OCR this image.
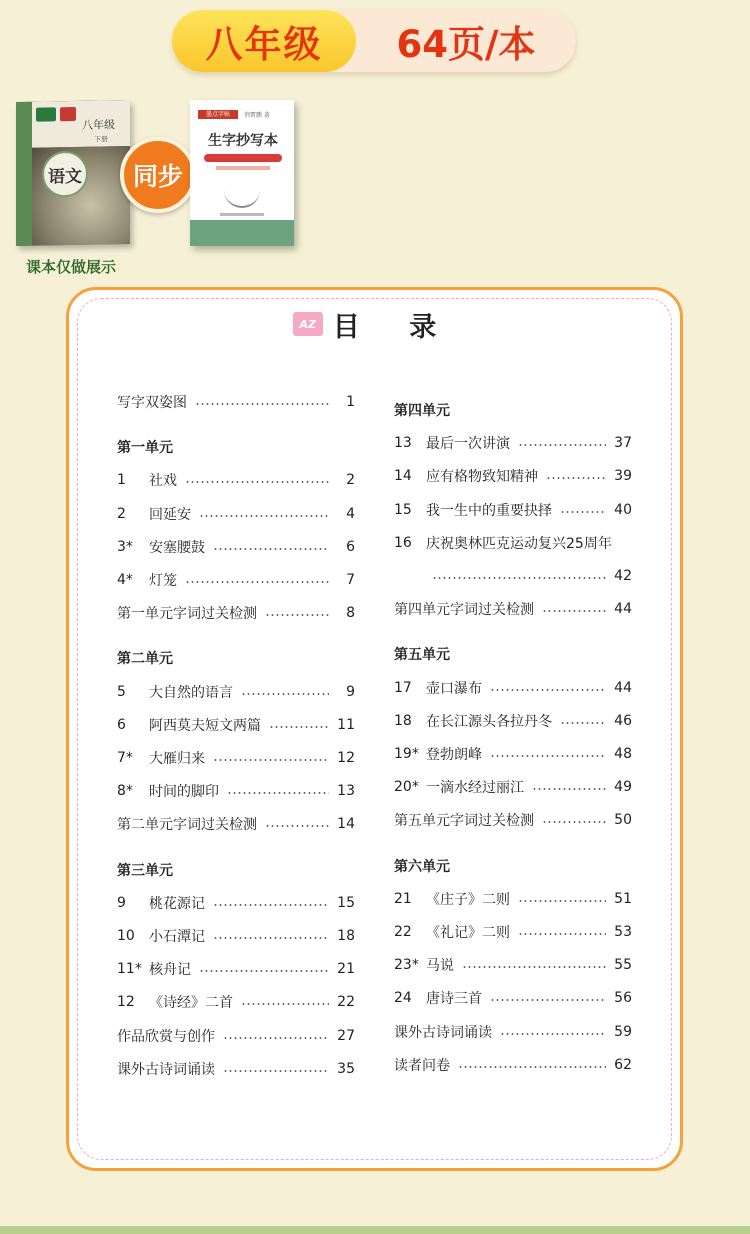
八年级	64页/本
八年级
下册
语文	同步
墨点字帖	荆霄鹏 著
生字抄写本
课本仅做展示
AZ 目 录
写字双姿图	1
第一单元
1	社戏	2
2	回延安	4
3*	安塞腰鼓	6
4*	灯笼	7
第一单元字词过关检测	8
第二单元
5	大自然的语言	9
6	阿西莫夫短文两篇	11
7*	大雁归来	12
8*	时间的脚印	13
第二单元字词过关检测	14
第三单元
9	桃花源记	15
10	小石潭记	18
11* 核舟记	21
12	《诗经》二首	22
作品欣赏与创作	27
课外古诗词诵读	35
第四单元
13	最后一次讲演	37
14	应有格物致知精神	39
15	我一生中的重要抉择	40
16	庆祝奥林匹克运动复兴25周年
42
第四单元字词过关检测	44
第五单元
17	壶口瀑布	44
18	在长江源头各拉丹冬	46
19* 登勃朗峰	48
20* 一滴水经过丽江	49
第五单元字词过关检测	50
第六单元
21	《庄子》二则	51
22	《礼记》二则	53
23* 马说	55
24	唐诗三首	56
课外古诗词诵读	59
读者问卷	62
